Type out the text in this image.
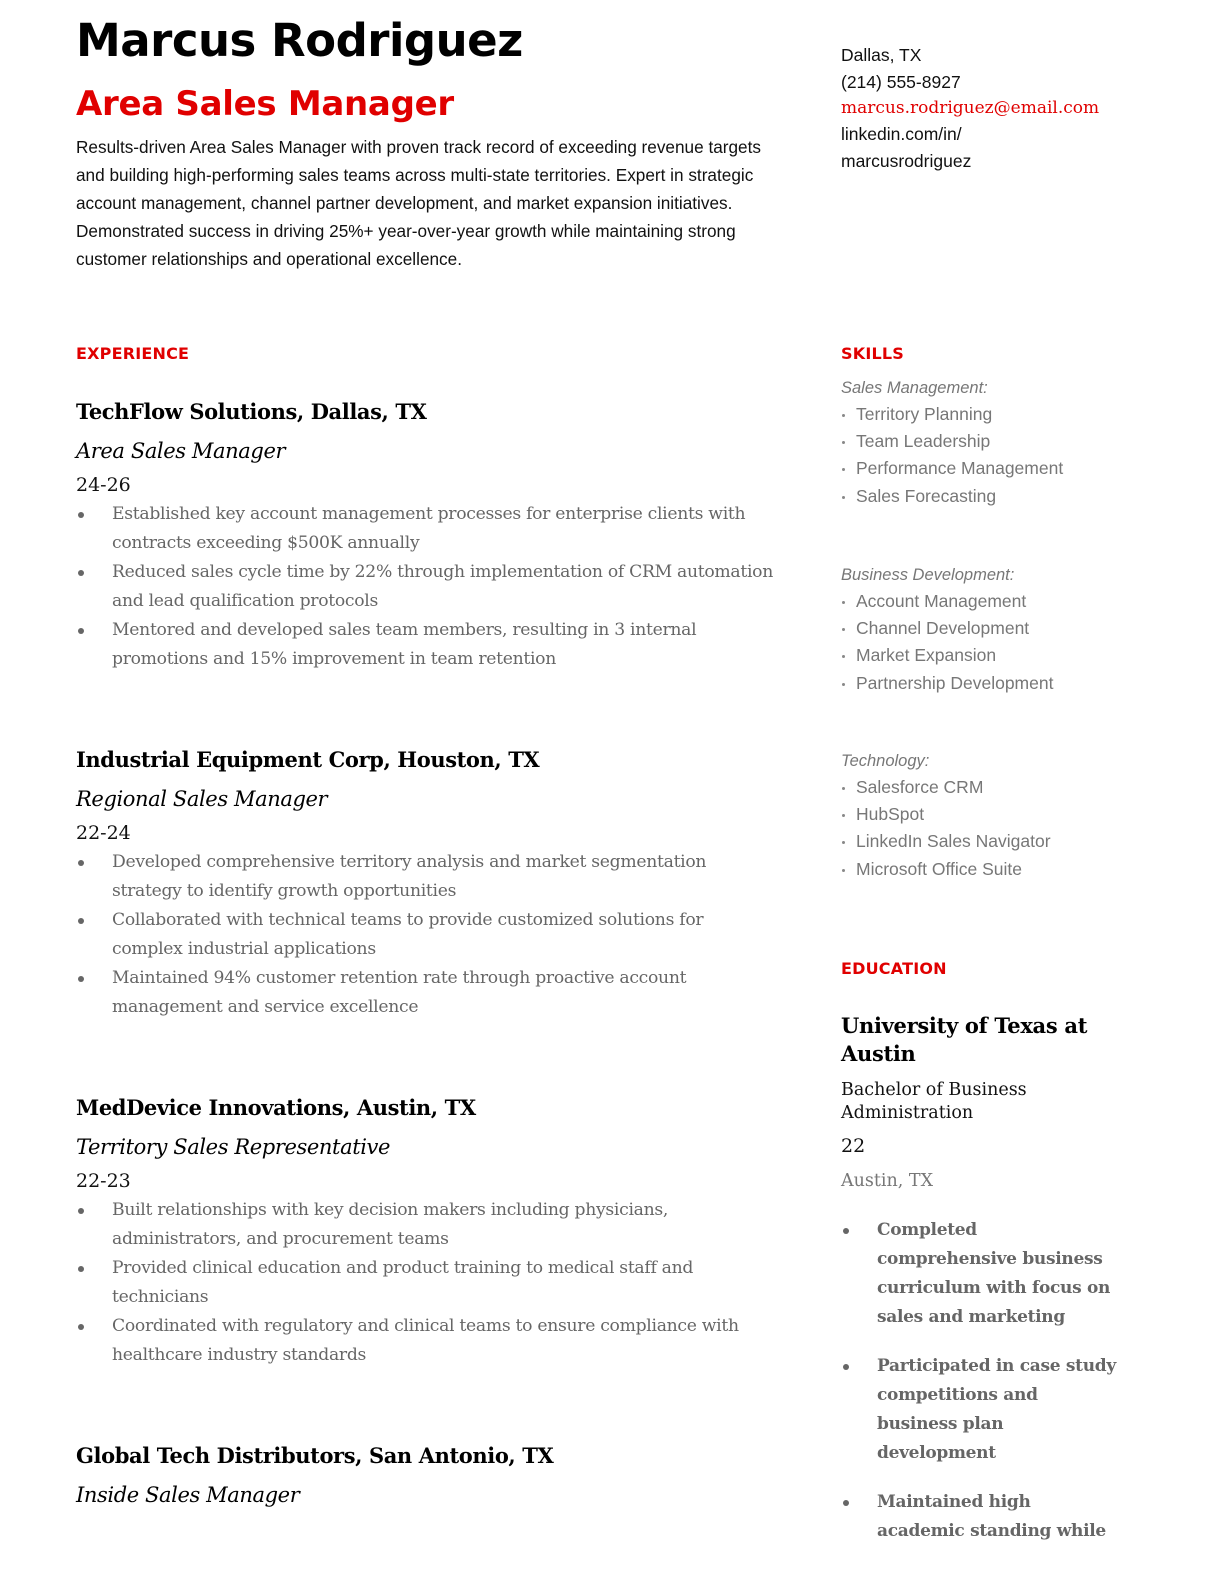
Marcus Rodriguez
Area Sales Manager

Results-driven Area Sales Manager with proven track record of exceeding revenue targets and building high-performing sales teams across multi-state territories. Expert in strategic account management, channel partner development, and market expansion initiatives. Demonstrated success in driving 25%+ year-over-year growth while maintaining strong customer relationships and operational excellence.

EXPERIENCE
TechFlow Solutions, Dallas, TX
Area Sales Manager
24-26
Established key account management processes for enterprise clients with contracts exceeding $500K annually
Reduced sales cycle time by 22% through implementation of CRM automation and lead qualification protocols
Mentored and developed sales team members, resulting in 3 internal promotions and 15% improvement in team retention
Industrial Equipment Corp, Houston, TX
Regional Sales Manager
22-24
Developed comprehensive territory analysis and market segmentation strategy to identify growth opportunities
Collaborated with technical teams to provide customized solutions for complex industrial applications
Maintained 94% customer retention rate through proactive account management and service excellence
MedDevice Innovations, Austin, TX
Territory Sales Representative
22-23
Built relationships with key decision makers including physicians, administrators, and procurement teams
Provided clinical education and product training to medical staff and technicians
Coordinated with regulatory and clinical teams to ensure compliance with healthcare industry standards
Global Tech Distributors, San Antonio, TX
Inside Sales Manager
Dallas, TX
(214) 555-8927
marcus.rodriguez@email.com
linkedin.com/in/
marcusrodriguez
SKILLS
Sales Management:
Territory Planning
Team Leadership
Performance Management
Sales Forecasting
Business Development:
Account Management
Channel Development
Market Expansion
Partnership Development
Technology:
Salesforce CRM
HubSpot
LinkedIn Sales Navigator
Microsoft Office Suite
EDUCATION
University of Texas at Austin
Bachelor of Business Administration
22
Austin, TX
Completed comprehensive business curriculum with focus on sales and marketing
Participated in case study competitions and business plan development
Maintained high academic standing while
